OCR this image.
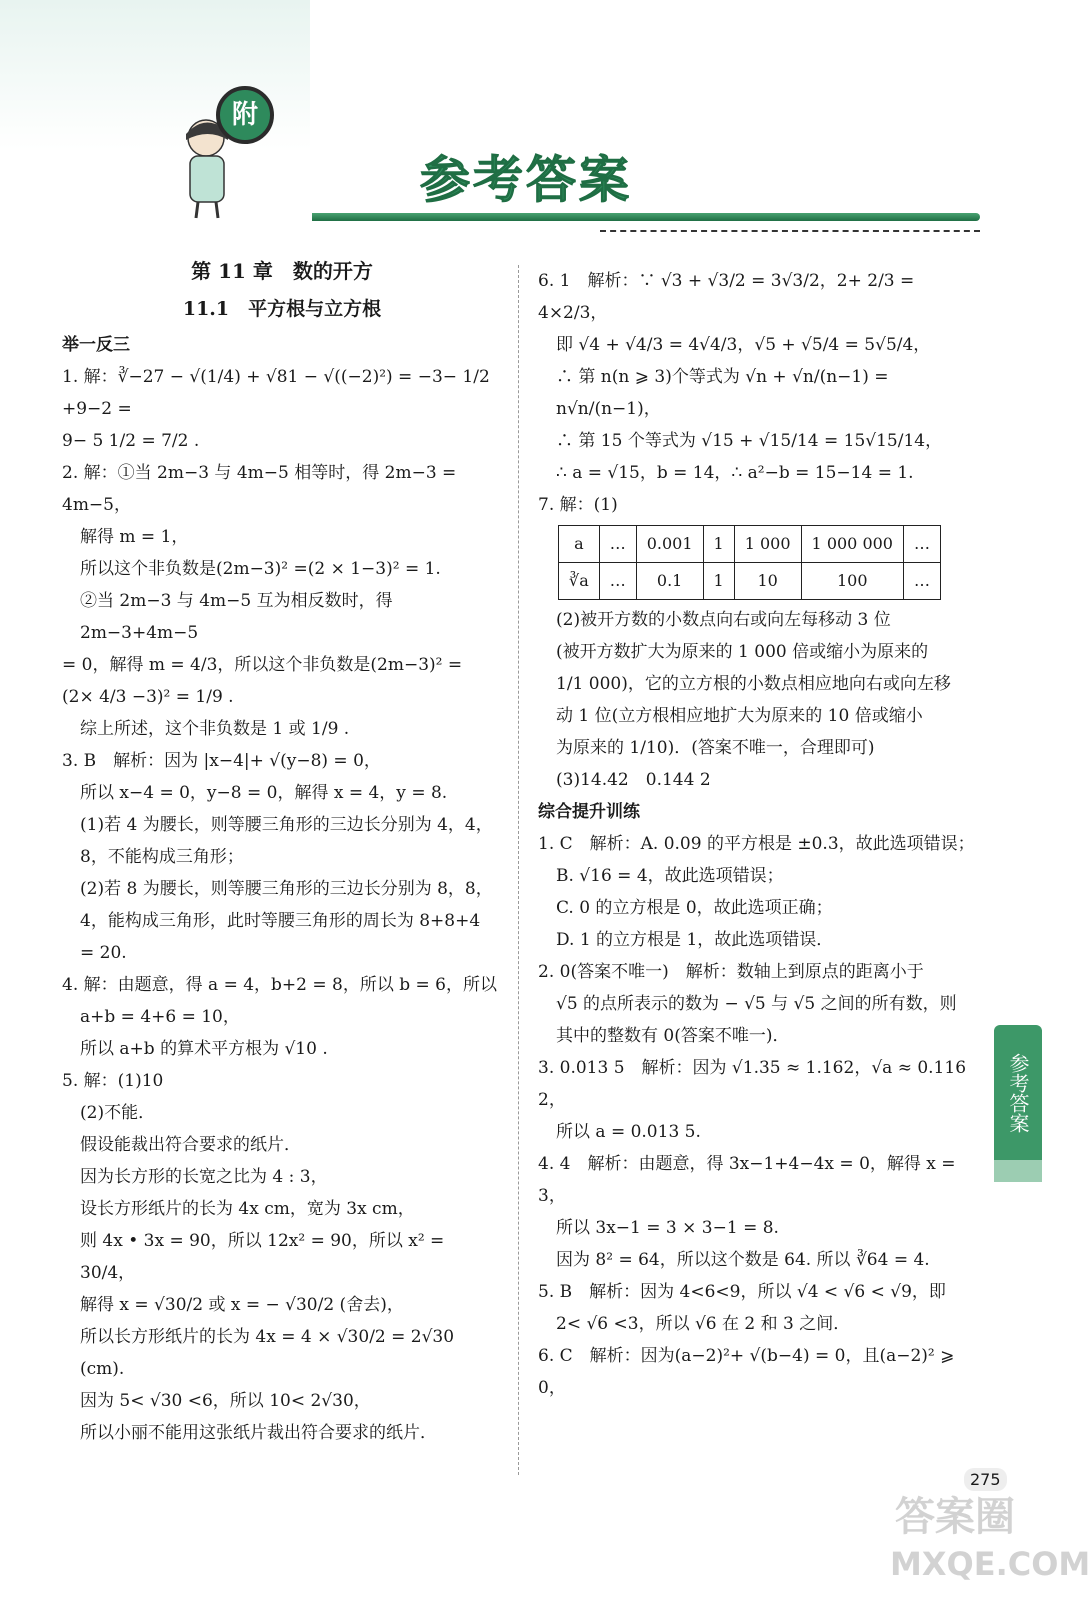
附
参考答案
第 11 章　数的开方
11.1　平方根与立方根
举一反三

1. 解：∛−27 − √(1/4) + √81 − √((−2)²) = −3− 1/2 +9−2 =

9− 5 1/2 = 7/2 .

2. 解：①当 2m−3 与 4m−5 相等时，得 2m−3 = 4m−5，

解得 m = 1，

所以这个非负数是(2m−3)² =(2 × 1−3)² = 1.

②当 2m−3 与 4m−5 互为相反数时，得 2m−3+4m−5

= 0，解得 m = 4/3，所以这个非负数是(2m−3)² =

(2× 4/3 −3)² = 1/9 .

综上所述，这个非负数是 1 或 1/9 .

3. B　解析：因为 |x−4|+ √(y−8) = 0，

所以 x−4 = 0，y−8 = 0，解得 x = 4，y = 8.

(1)若 4 为腰长，则等腰三角形的三边长分别为 4，4，

8，不能构成三角形；

(2)若 8 为腰长，则等腰三角形的三边长分别为 8，8，

4，能构成三角形，此时等腰三角形的周长为 8+8+4

= 20.

4. 解：由题意，得 a = 4，b+2 = 8，所以 b = 6，所以

a+b = 4+6 = 10，

所以 a+b 的算术平方根为 √10 .

5. 解：(1)10

(2)不能．

假设能裁出符合要求的纸片．

因为长方形的长宽之比为 4 : 3，

设长方形纸片的长为 4x cm，宽为 3x cm，

则 4x • 3x = 90，所以 12x² = 90，所以 x² = 30/4，

解得 x = √30/2 或 x = − √30/2 (舍去)，

所以长方形纸片的长为 4x = 4 × √30/2 = 2√30 (cm).

因为 5< √30 <6，所以 10< 2√30，

所以小丽不能用这张纸片裁出符合要求的纸片．

6. 1　解析：∵ √3 + √3/2 = 3√3/2，2+ 2/3 = 4×2/3，

即 √4 + √4/3 = 4√4/3，√5 + √5/4 = 5√5/4，

∴ 第 n(n ⩾ 3)个等式为 √n + √n/(n−1) = n√n/(n−1)，

∴ 第 15 个等式为 √15 + √15/14 = 15√15/14，

∴ a = √15，b = 14，∴ a²−b = 15−14 = 1.

7. 解：(1)

a	…	0.001	1	1 000	1 000 000	…
∛a	…	0.1	1	10	100	…

(2)被开方数的小数点向右或向左每移动 3 位

(被开方数扩大为原来的 1 000 倍或缩小为原来的

1/1 000)，它的立方根的小数点相应地向右或向左移

动 1 位(立方根相应地扩大为原来的 10 倍或缩小

为原来的 1/10)．(答案不唯一，合理即可)

(3)14.42　0.144 2

综合提升训练

1. C　解析：A. 0.09 的平方根是 ±0.3，故此选项错误；

B. √16 = 4，故此选项错误；

C. 0 的立方根是 0，故此选项正确；

D. 1 的立方根是 1，故此选项错误．

2. 0(答案不唯一)　解析：数轴上到原点的距离小于

√5 的点所表示的数为 − √5 与 √5 之间的所有数，则

其中的整数有 0(答案不唯一)．

3. 0.013 5　解析：因为 √1.35 ≈ 1.162，√a ≈ 0.116 2，

所以 a = 0.013 5.

4. 4　解析：由题意，得 3x−1+4−4x = 0，解得 x = 3，

所以 3x−1 = 3 × 3−1 = 8.

因为 8² = 64，所以这个数是 64. 所以 ∛64 = 4.

5. B　解析：因为 4<6<9，所以 √4 < √6 < √9，即

2< √6 <3，所以 √6 在 2 和 3 之间．

6. C　解析：因为(a−2)²+ √(b−4) = 0，且(a−2)² ⩾ 0，

参考答案
275
答案圈
MXQE.COM
